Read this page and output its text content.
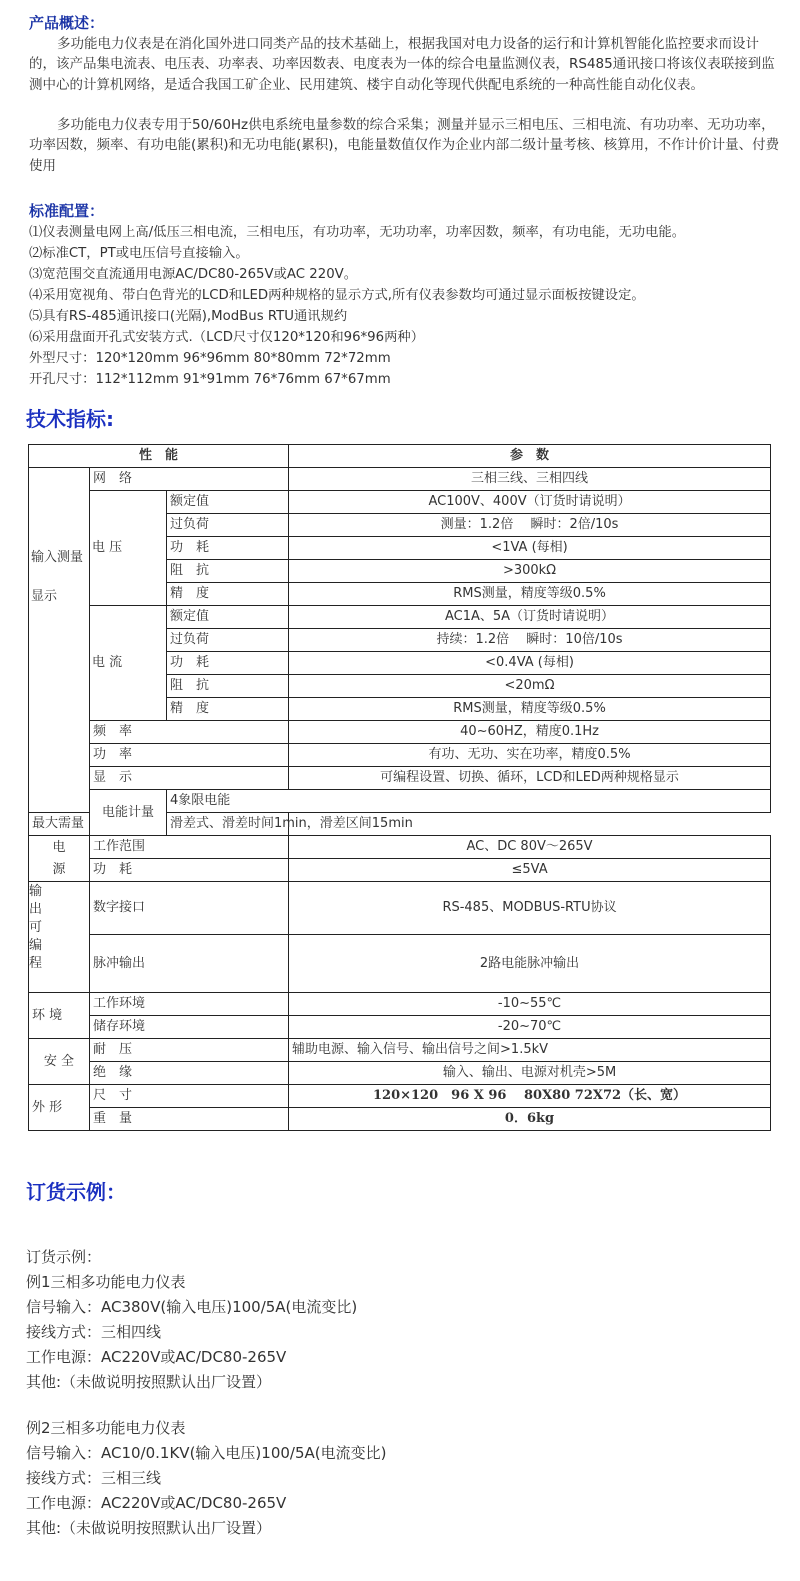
产品概述：

多功能电力仪表是在消化国外进口同类产品的技术基础上，根据我国对电力设备的运行和计算机智能化监控要求而设计的，该产品集电流表、电压表、功率表、功率因数表、电度表为一体的综合电量监测仪表，RS485通讯接口将该仪表联接到监测中心的计算机网络，是适合我国工矿企业、民用建筑、楼宇自动化等现代供配电系统的一种高性能自动化仪表。

多功能电力仪表专用于50/60Hz供电系统电量参数的综合采集；测量并显示三相电压、三相电流、有功功率、无功功率，功率因数，频率、有功电能(累积)和无功电能(累积)，电能量数值仅作为企业内部二级计量考核、核算用，不作计价计量、付费使用

标准配置：
⑴仪表测量电网上高/低压三相电流，三相电压，有功功率，无功功率，功率因数，频率，有功电能，无功电能。
⑵标准CT，PT或电压信号直接输入。
⑶宽范围交直流通用电源AC/DC80-265V或AC 220V。
⑷采用宽视角、带白色背光的LCD和LED两种规格的显示方式,所有仪表参数均可通过显示面板按键设定。
⑸具有RS-485通讯接口(光隔),ModBus RTU通讯规约
⑹采用盘面开孔式安装方式.（LCD尺寸仅120*120和96*96两种）
外型尺寸：120*120mm 96*96mm 80*80mm 72*72mm
开孔尺寸：112*112mm 91*91mm 76*76mm 67*67mm
技术指标:
性　能			参　数	
输入测量显示	网　络		三相三线、三相四线	
	电 压	额定值	AC100V、400V（订货时请说明）	
		过负荷	测量：1.2倍　 瞬时：2倍/10s	
		功　耗	<1VA (每相)	
		阻　抗	>300kΩ	
		精　度	RMS测量，精度等级0.5%	
	电 流	额定值	AC1A、5A（订货时请说明）	
		过负荷	持续：1.2倍　 瞬时：10倍/10s	
		功　耗	<0.4VA (每相)	
		阻　抗	<20mΩ	
		精　度	RMS测量，精度等级0.5%	
	频　率		40~60HZ，精度0.1Hz	
	功　率		有功、无功、实在功率，精度0.5%	
	显　示		可编程设置、切换、循环，LCD和LED两种规格显示	
	电能计量	4象限电能	
最大需量		滑差式、滑差时间1min，滑差区间15min		
电源	工作范围		AC、DC 80V～265V	
	功　耗		≤5VA	
输出可编程	数字接口		RS-485、MODBUS-RTU协议	
	脉冲输出		2路电能脉冲输出	
环 境	工作环境		-10~55℃	
	储存环境		-20~70℃	
安 全	耐　压		辅助电源、输入信号、输出信号之间>1.5kV	
	绝　缘		输入、输出、电源对机壳>5M	
外 形	尺　寸		120×120　96 X 96　 80X80 72X72（长、宽）	
	重　量		0．6kg	
订货示例：
订货示例：
例1三相多功能电力仪表
信号输入：AC380V(输入电压)100/5A(电流变比)
接线方式：三相四线
工作电源：AC220V或AC/DC80-265V
其他:（未做说明按照默认出厂设置）
例2三相多功能电力仪表
信号输入：AC10/0.1KV(输入电压)100/5A(电流变比)
接线方式：三相三线
工作电源：AC220V或AC/DC80-265V
其他:（未做说明按照默认出厂设置）
